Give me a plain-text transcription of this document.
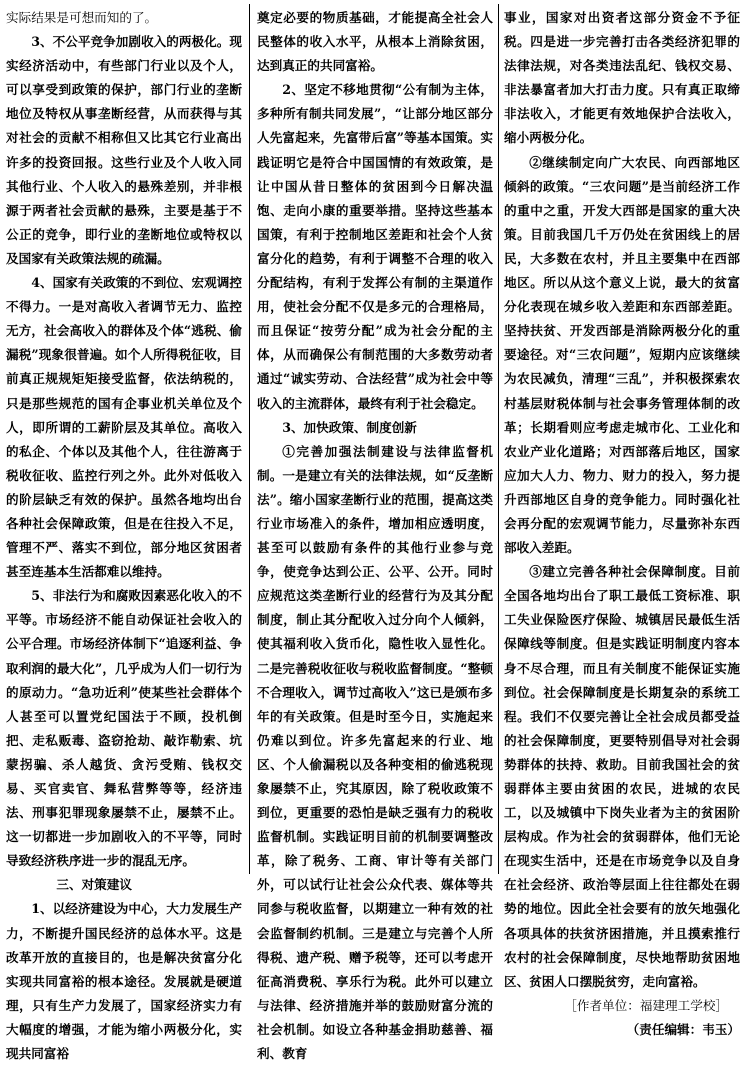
实际结果是可想而知的了。

3、不公平竞争加剧收入的两极化。现实经济活动中，有些部门行业以及个人，可以享受到政策的保护，部门行业的垄断地位及特权从事垄断经营，从而获得与其对社会的贡献不相称但又比其它行业高出许多的投资回报。这些行业及个人收入同其他行业、个人收入的悬殊差别，并非根源于两者社会贡献的悬殊，主要是基于不公正的竞争，即行业的垄断地位或特权以及国家有关政策法规的疏漏。

4、国家有关政策的不到位、宏观调控不得力。一是对高收入者调节无力、监控无方，社会高收入的群体及个体“逃税、偷漏税”现象很普遍。如个人所得税征收，目前真正规规矩矩接受监督，依法纳税的，只是那些规范的国有企事业机关单位及个人，即所谓的工薪阶层及其单位。高收入的私企、个体以及其他个人，往往游离于税收征收、监控行列之外。此外对低收入的阶层缺乏有效的保护。虽然各地均出台各种社会保障政策，但是在往投入不足，管理不严、落实不到位，部分地区贫困者甚至连基本生活都难以维持。

5、非法行为和腐败因素恶化收入的不平等。市场经济不能自动保证社会收入的公平合理。市场经济体制下“追逐利益、争取利润的最大化”，几乎成为人们一切行为的原动力。“急功近利”使某些社会群体个人甚至可以置党纪国法于不顾，投机倒把、走私贩毒、盗窃抢劫、敲诈勒索、坑蒙拐骗、杀人越货、贪污受贿、钱权交易、买官卖官、舞私营弊等等，经济违法、刑事犯罪现象屡禁不止，屡禁不止。这一切都进一步加剧收入的不平等，同时导致经济秩序进一步的混乱无序。

三、对策建议

1、以经济建设为中心，大力发展生产力，不断提升国民经济的总体水平。这是改革开放的直接目的，也是解决贫富分化实现共同富裕的根本途径。发展就是硬道理，只有生产力发展了，国家经济实力有大幅度的增强，才能为缩小两极分化，实现共同富裕

奠定必要的物质基础，才能提高全社会人民整体的收入水平，从根本上消除贫困，达到真正的共同富裕。

2、坚定不移地贯彻“公有制为主体，多种所有制共同发展”，“让部分地区部分人先富起来，先富带后富”等基本国策。实践证明它是符合中国国情的有效政策，是让中国从昔日整体的贫困到今日解决温饱、走向小康的重要举措。坚持这些基本国策，有利于控制地区差距和社会个人贫富分化的趋势，有利于调整不合理的收入分配结构，有利于发挥公有制的主渠道作用，使社会分配不仅是多元的合理格局，而且保证“按劳分配”成为社会分配的主体，从而确保公有制范围的大多数劳动者通过“诚实劳动、合法经营”成为社会中等收入的主流群体，最终有利于社会稳定。

3、加快政策、制度创新

①完善加强法制建设与法律监督机制。一是建立有关的法律法规，如“反垄断法”。缩小国家垄断行业的范围，提高这类行业市场准入的条件，增加相应透明度，甚至可以鼓励有条件的其他行业参与竞争，使竞争达到公正、公平、公开。同时应规范这类垄断行业的经营行为及其分配制度，制止其分配收入过分向个人倾斜，使其福利收入货币化，隐性收入显性化。二是完善税收征收与税收监督制度。“整顿不合理收入，调节过高收入”这已是颁布多年的有关政策。但是时至今日，实施起来仍难以到位。许多先富起来的行业、地区、个人偷漏税以及各种变相的偷逃税现象屡禁不止，究其原因，除了税收政策不到位，更重要的恐怕是缺乏强有力的税收监督机制。实践证明目前的机制要调整改革，除了税务、工商、审计等有关部门外，可以试行让社会公众代表、媒体等共同参与税收监督，以期建立一种有效的社会监督制约机制。三是建立与完善个人所得税、遗产税、赠予税等，还可以考虑开征高消费税、享乐行为税。此外可以建立与法律、经济措施并举的鼓励财富分流的社会机制。如设立各种基金捐助慈善、福利、教育

事业，国家对出资者这部分资金不予征税。四是进一步完善打击各类经济犯罪的法律法规，对各类违法乱纪、钱权交易、非法暴富者加大打击力度。只有真正取缔非法收入，才能更有效地保护合法收入，缩小两极分化。

②继续制定向广大农民、向西部地区倾斜的政策。“三农问题”是当前经济工作的重中之重，开发大西部是国家的重大决策。目前我国几千万仍处在贫困线上的居民，大多数在农村，并且主要集中在西部地区。所以从这个意义上说，最大的贫富分化表现在城乡收入差距和东西部差距。坚持扶贫、开发西部是消除两极分化的重要途径。对“三农问题”，短期内应该继续为农民减负，清理“三乱”，并积极探索农村基层财税体制与社会事务管理体制的改革；长期看则应考虑走城市化、工业化和农业产业化道路；对西部落后地区，国家应加大人力、物力、财力的投入，努力提升西部地区自身的竞争能力。同时强化社会再分配的宏观调节能力，尽量弥补东西部收入差距。

③建立完善各种社会保障制度。目前全国各地均出台了职工最低工资标准、职工失业保险医疗保险、城镇居民最低生活保障线等制度。但是实践证明制度内容本身不尽合理，而且有关制度不能保证实施到位。社会保障制度是长期复杂的系统工程。我们不仅要完善让全社会成员都受益的社会保障制度，更要特别倡导对社会弱势群体的扶持、救助。目前我国社会的贫弱群体主要由贫困的农民，进城的农民工，以及城镇中下岗失业者为主的贫困阶层构成。作为社会的贫弱群体，他们无论在现实生活中，还是在市场竞争以及自身在社会经济、政治等层面上往往都处在弱势的地位。因此全社会要有的放矢地强化各项具体的扶贫济困措施，并且摸索推行农村的社会保障制度，尽快地帮助贫困地区、贫困人口摆脱贫穷，走向富裕。

［作者单位：福建理工学校］

（责任编辑：韦玉）
